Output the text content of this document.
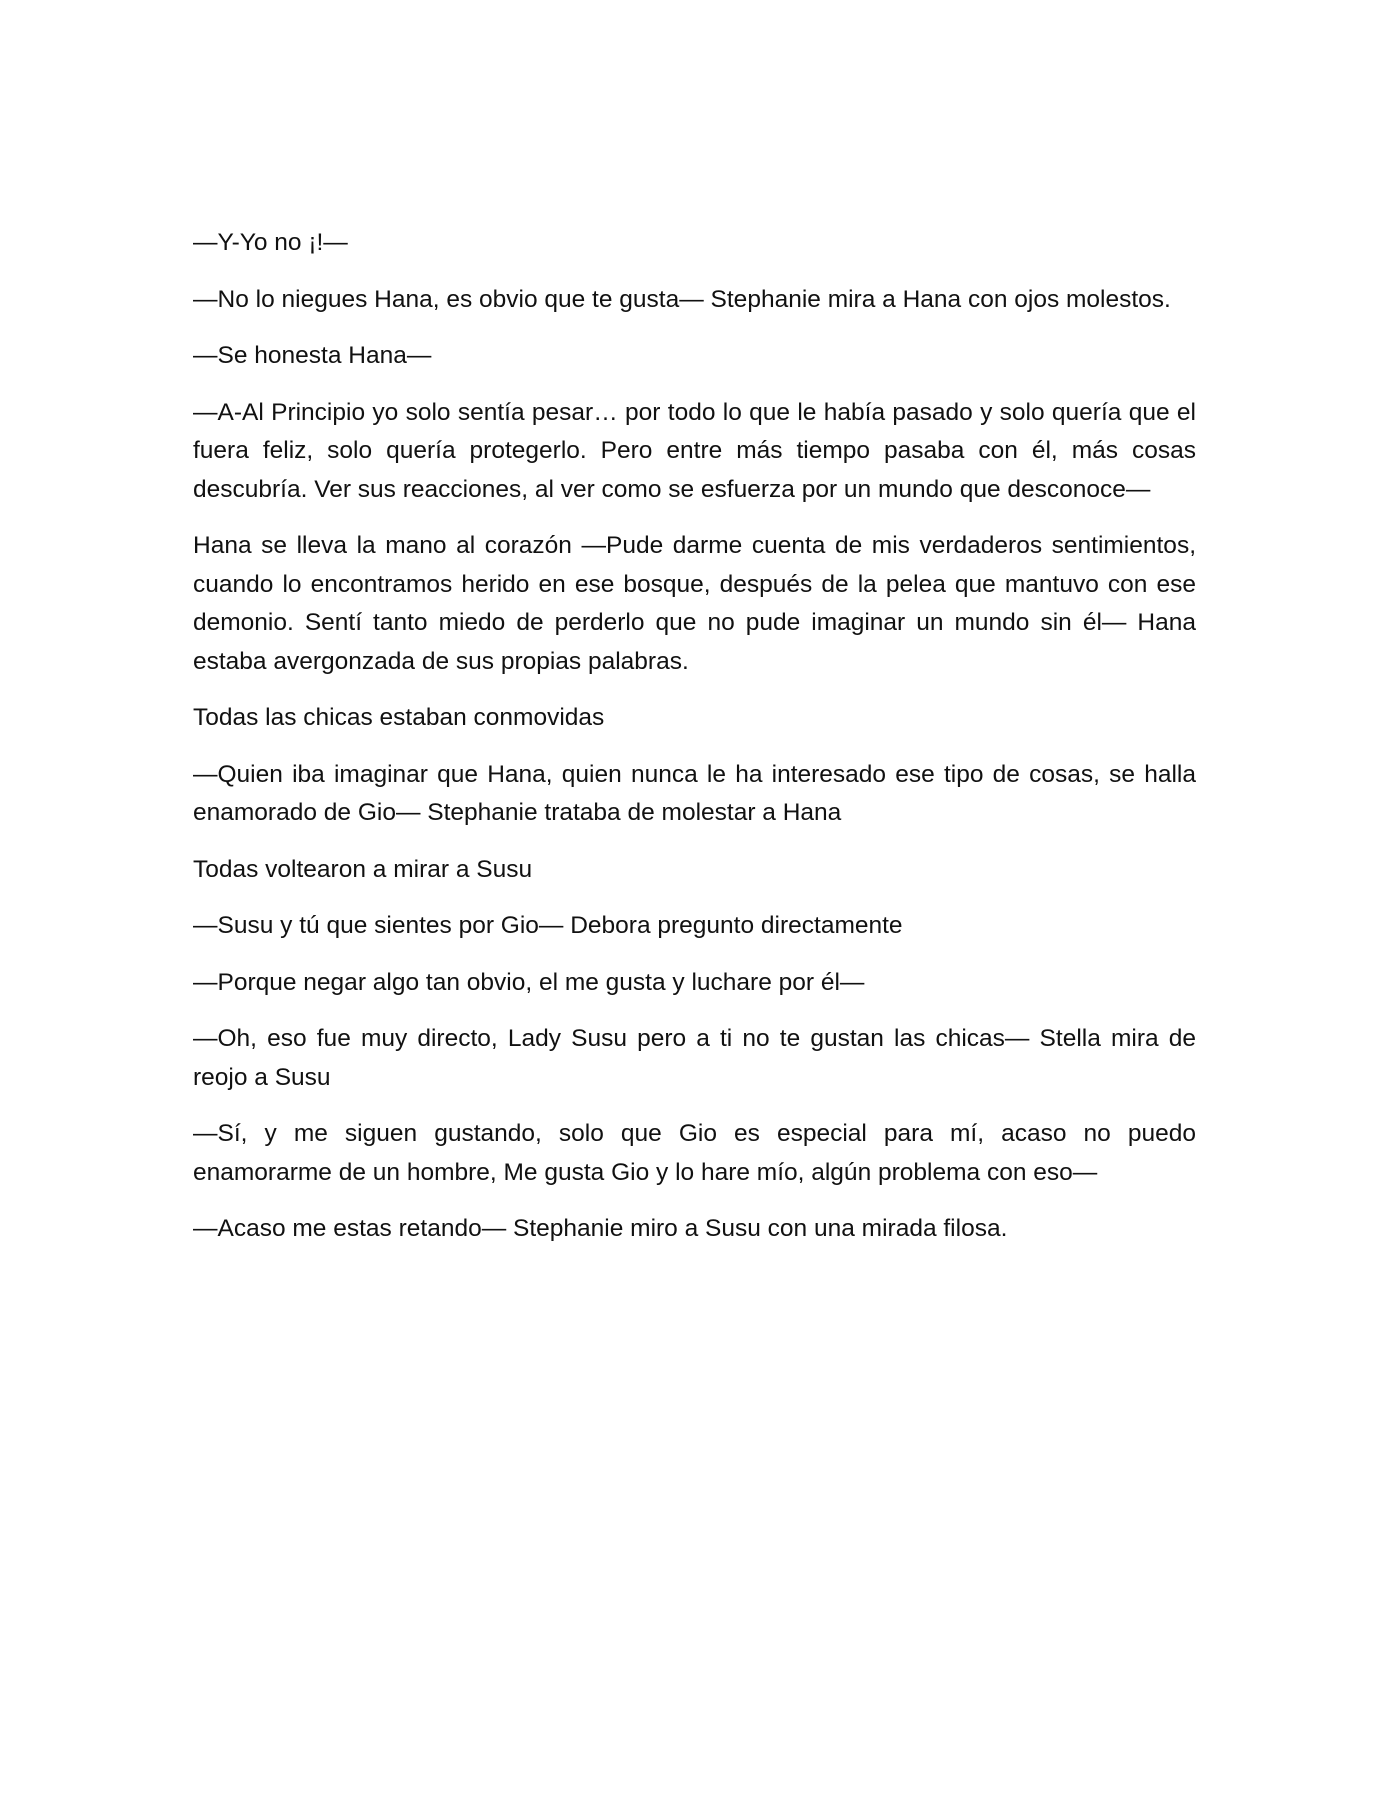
—Y-Yo no ¡!—

—No lo niegues Hana, es obvio que te gusta— Stephanie mira a Hana con ojos molestos.

—Se honesta Hana—

—A-Al Principio yo solo sentía pesar… por todo lo que le había pasado y solo quería que el fuera feliz, solo quería protegerlo. Pero entre más tiempo pasaba con él, más cosas descubría. Ver sus reacciones, al ver como se esfuerza por un mundo que desconoce—

Hana se lleva la mano al corazón —Pude darme cuenta de mis verdaderos sentimientos, cuando lo encontramos herido en ese bosque, después de la pelea que mantuvo con ese demonio. Sentí tanto miedo de perderlo que no pude imaginar un mundo sin él— Hana estaba avergonzada de sus propias palabras.

Todas las chicas estaban conmovidas

—Quien iba imaginar que Hana, quien nunca le ha interesado ese tipo de cosas, se halla enamorado de Gio— Stephanie trataba de molestar a Hana

Todas voltearon a mirar a Susu

—Susu y tú que sientes por Gio— Debora pregunto directamente

—Porque negar algo tan obvio, el me gusta y luchare por él—

—Oh, eso fue muy directo, Lady Susu pero a ti no te gustan las chicas— Stella mira de reojo a Susu

—Sí, y me siguen gustando, solo que Gio es especial para mí, acaso no puedo enamorarme de un hombre, Me gusta Gio y lo hare mío, algún problema con eso—

—Acaso me estas retando— Stephanie miro a Susu con una mirada filosa.
